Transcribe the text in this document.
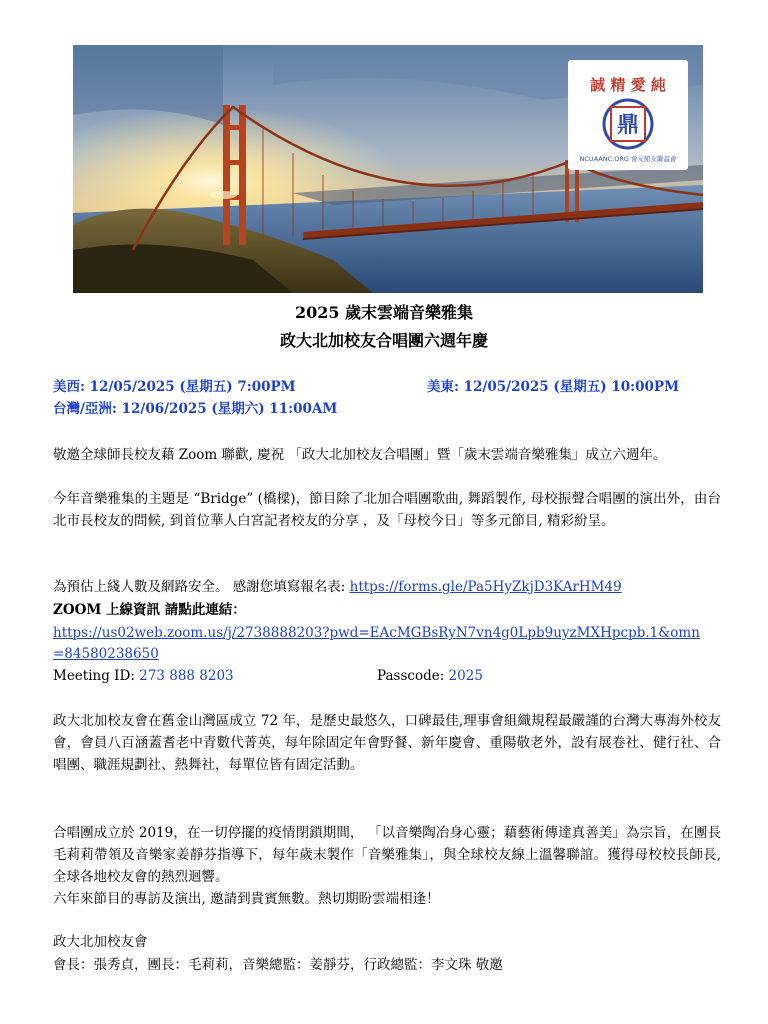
誠 精 愛 純
鼎
NCUAANC.ORG 會友館友聯誼會
2025 歲末雲端音樂雅集
政大北加校友合唱團六週年慶
美西: 12/05/2025 (星期五) 7:00PM	美東: 12/05/2025 (星期五) 10:00PM
台灣/亞洲: 12/06/2025 (星期六) 11:00AM
敬邀全球師長校友藉 Zoom 聯歡, 慶祝 「政大北加校友合唱團」暨「歲末雲端音樂雅集」成立六週年。
今年音樂雅集的主題是 “Bridge” (橋樑)，節目除了北加合唱團歌曲, 舞蹈製作, 母校振聲合唱團的演出外，由台北市長校友的問候, 到首位華人白宮記者校友的分享 ，及「母校今日」等多元節目, 精彩紛呈。
為預估上綫人數及網路安全。 感謝您填寫報名表: https://forms.gle/Pa5HyZkjD3KArHM49
ZOOM 上線資訊 請點此連結：
https://us02web.zoom.us/j/2738888203?pwd=EAcMGBsRyN7vn4g0Lpb9uyzMXHpcpb.1&omn
=84580238650
Meeting ID: 273 888 8203	Passcode: 2025
政大北加校友會在舊金山灣區成立 72 年，是歷史最悠久，口碑最佳,理事會組織規程最嚴謹的台灣大專海外校友會，會員八百涵蓋耆老中青數代菁英，每年除固定年會野餐、新年慶會、重陽敬老外，設有展卷社、健行社、合唱團、職涯規劃社、熱舞社，每單位皆有固定活動。
合唱團成立於 2019，在一切停擺的疫情閉鎖期間， 「以音樂陶冶身心靈；藉藝術傳達真善美」為宗旨，在團長毛莉莉帶領及音樂家姜靜芬指導下，每年歲末製作「音樂雅集」，與全球校友線上溫馨聯誼。獲得母校校長師長, 全球各地校友會的熱烈迴響。
六年來節目的專訪及演出, 邀請到貴賓無數。熱切期盼雲端相逢！
政大北加校友會
會長：張秀貞，團長：毛莉莉，音樂總監：姜靜芬，行政總監：李文珠 敬邀
